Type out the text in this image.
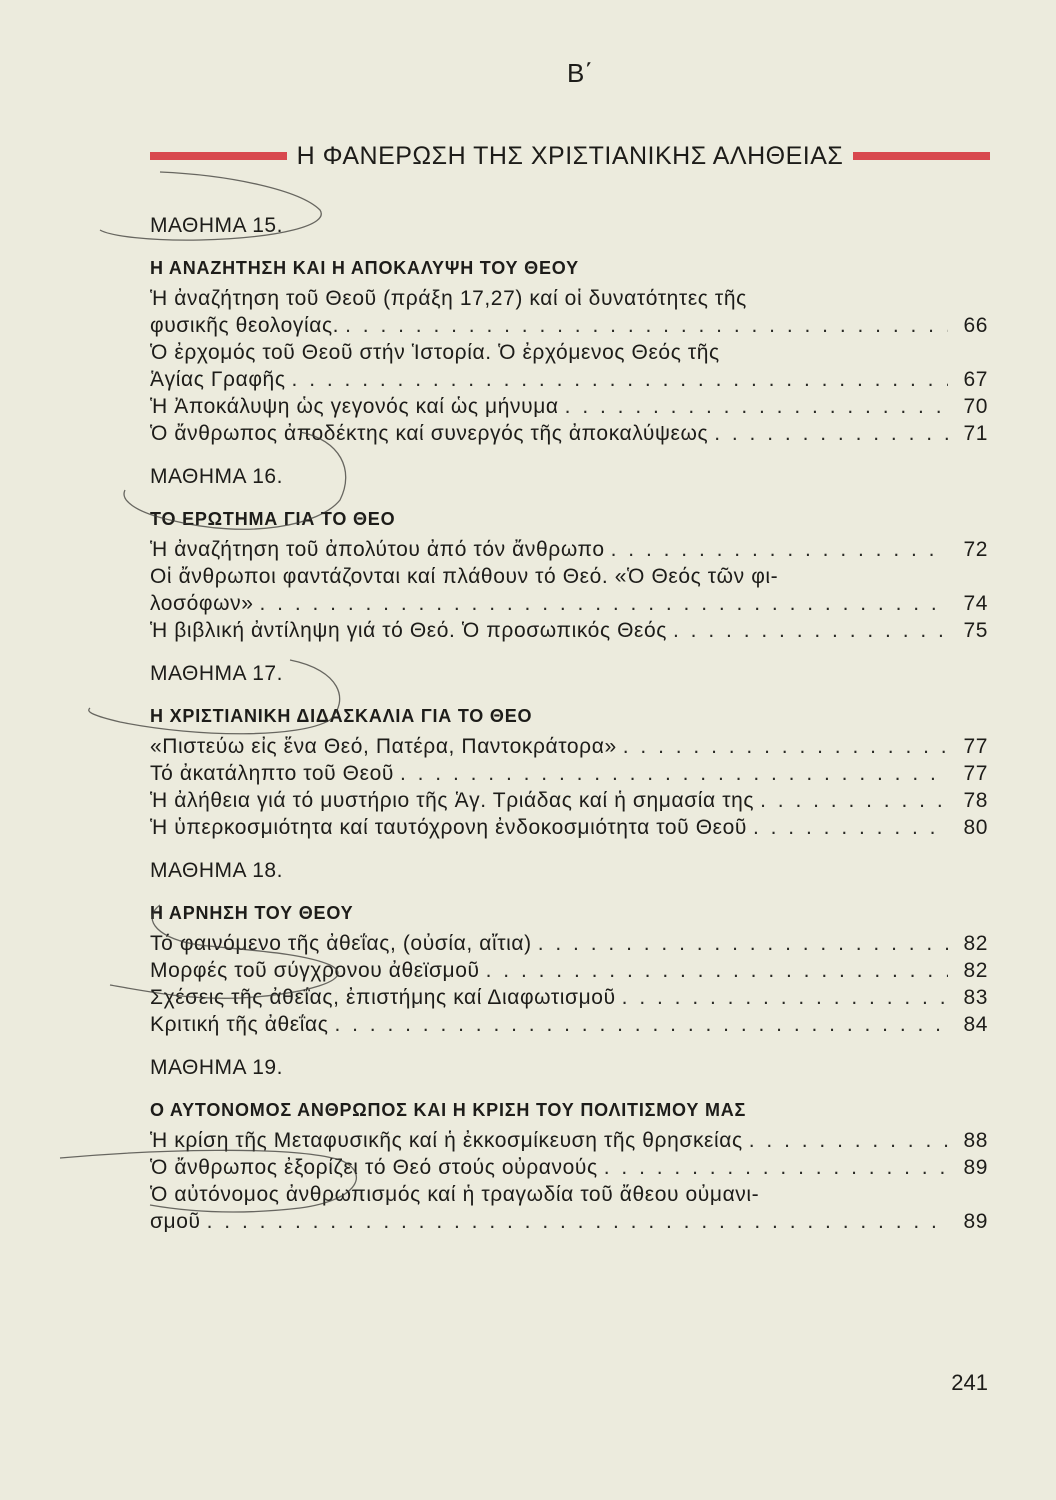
Β΄
Η ΦΑΝΕΡΩΣΗ ΤΗΣ ΧΡΙΣΤΙΑΝΙΚΗΣ ΑΛΗΘΕΙΑΣ
ΜΑΘΗΜΑ 15.
Η ΑΝΑΖΗΤΗΣΗ ΚΑΙ Η ΑΠΟΚΑΛΥΨΗ ΤΟΥ ΘΕΟΥ
Ἡ ἀναζήτηση τοῦ Θεοῦ (πράξη 17,27) καί οἱ δυνατότητες τῆς
φυσικῆς θεολογίας. . . .	66
Ὁ ἐρχομός τοῦ Θεοῦ στήν Ἱστορία. Ὁ ἐρχόμενος Θεός τῆς
Ἁγίας Γραφῆς . . .	67
Ἡ Ἀποκάλυψη ὡς γεγονός καί ὡς μήνυμα . . .	70
Ὁ ἄνθρωπος ἀποδέκτης καί συνεργός τῆς ἀποκαλύψεως . . .	71
ΜΑΘΗΜΑ 16.
ΤΟ ΕΡΩΤΗΜΑ ΓΙΑ ΤΟ ΘΕΟ
Ἡ ἀναζήτηση τοῦ ἀπολύτου ἀπό τόν ἄνθρωπο . . .	72
Οἱ ἄνθρωποι φαντάζονται καί πλάθουν τό Θεό. «Ὁ Θεός τῶν φι-
λοσόφων» . . .	74
Ἡ βιβλική ἀντίληψη γιά τό Θεό. Ὁ προσωπικός Θεός . . .	75
ΜΑΘΗΜΑ 17.
Η ΧΡΙΣΤΙΑΝΙΚΗ ΔΙΔΑΣΚΑΛΙΑ ΓΙΑ ΤΟ ΘΕΟ
«Πιστεύω εἰς ἕνα Θεό, Πατέρα, Παντοκράτορα» . . .	77
Τό ἀκατάληπτο τοῦ Θεοῦ . . .	77
Ἡ ἀλήθεια γιά τό μυστήριο τῆς Ἁγ. Τριάδας καί ἡ σημασία της . . .	78
Ἡ ὑπερκοσμιότητα καί ταυτόχρονη ἐνδοκοσμιότητα τοῦ Θεοῦ . . .	80
ΜΑΘΗΜΑ 18.
Η ΑΡΝΗΣΗ ΤΟΥ ΘΕΟΥ
Τό φαινόμενο τῆς ἀθεΐας, (οὐσία, αἴτια) . . .	82
Μορφές τοῦ σύγχρονου ἀθεϊσμοῦ . . .	82
Σχέσεις τῆς ἀθεΐας, ἐπιστήμης καί Διαφωτισμοῦ . . .	83
Κριτική τῆς ἀθεΐας . . .	84
ΜΑΘΗΜΑ 19.
Ο ΑΥΤΟΝΟΜΟΣ ΑΝΘΡΩΠΟΣ ΚΑΙ Η ΚΡΙΣΗ ΤΟΥ ΠΟΛΙΤΙΣΜΟΥ ΜΑΣ
Ἡ κρίση τῆς Μεταφυσικῆς καί ἡ ἐκκοσμίκευση τῆς θρησκείας . . .	88
Ὁ ἄνθρωπος ἐξορίζει τό Θεό στούς οὐρανούς . . .	89
Ὁ αὐτόνομος ἀνθρωπισμός καί ἡ τραγωδία τοῦ ἄθεου οὐμανι-
σμοῦ . . .	89
241
